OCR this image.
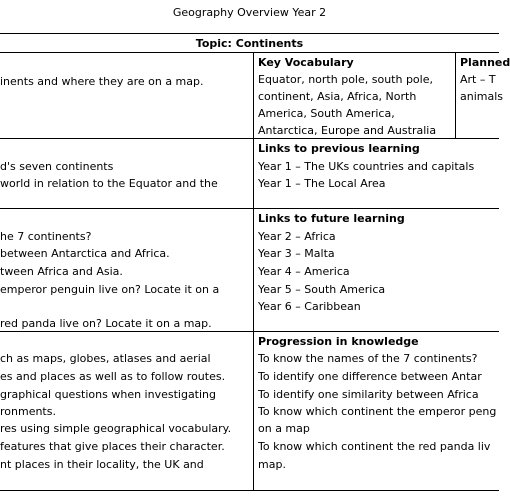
Geography Overview Year 2
Topic: Continents
inents and where they are on a map.
Key Vocabulary
Equator, north pole, south pole,
continent, Asia, Africa, North
America, South America,
Antarctica, Europe and Australia
Planned
Art – T
animals
d's seven continents
world in relation to the Equator and the
Links to previous learning
Year 1 – The UKs countries and capitals
Year 1 – The Local Area
he 7 continents?
between Antarctica and Africa.
tween Africa and Asia.
emperor penguin live on? Locate it on a
red panda live on? Locate it on a map.
Links to future learning
Year 2 – Africa
Year 3 – Malta
Year 4 – America
Year 5 – South America
Year 6 – Caribbean
ch as maps, globes, atlases and aerial
es and places as well as to follow routes.
graphical questions when investigating
ronments.
res using simple geographical vocabulary.
features that give places their character.
nt places in their locality, the UK and
Progression in knowledge
To know the names of the 7 continents?
To identify one difference between Antar
To identify one similarity between Africa
To know which continent the emperor peng
on a map
To know which continent the red panda liv
map.
